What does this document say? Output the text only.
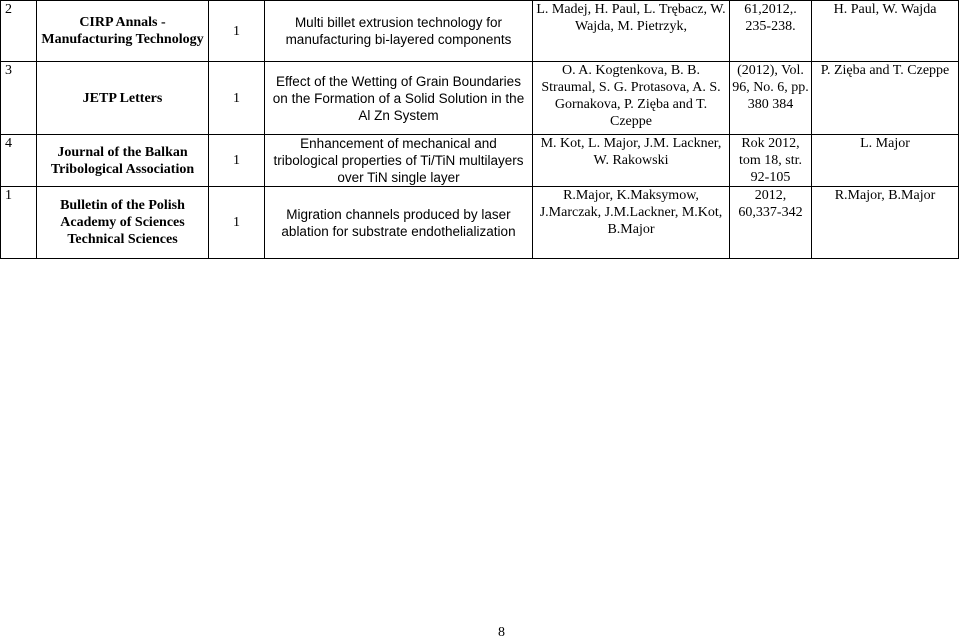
2	CIRP Annals - Manufacturing Technology	1	Multi billet extrusion technology for manufacturing bi-layered components	L. Madej, H. Paul, L. Trębacz, W. Wajda, M. Pietrzyk,	61,2012,. 235-238.	H. Paul, W. Wajda
3	JETP Letters	1	Effect of the Wetting of Grain Boundaries on the Formation of a Solid Solution in the Al Zn System	O. A. Kogtenkova, B. B. Straumal, S. G. Protasova, A. S. Gornakova, P. Zięba and T. Czeppe	(2012), Vol. 96, No. 6, pp. 380 384	P. Zięba and T. Czeppe
4	Journal of the Balkan Tribological Association	1	Enhancement of mechanical and tribological properties of Ti/TiN multilayers over TiN single layer	M. Kot, L. Major, J.M. Lackner, W. Rakowski	Rok 2012, tom 18, str. 92-105	L. Major
1	Bulletin of the Polish Academy of Sciences Technical Sciences	1	Migration channels produced by laser ablation for substrate endothelialization	R.Major, K.Maksymow, J.Marczak, J.M.Lackner, M.Kot, B.Major	2012, 60,337-342	R.Major, B.Major
8
